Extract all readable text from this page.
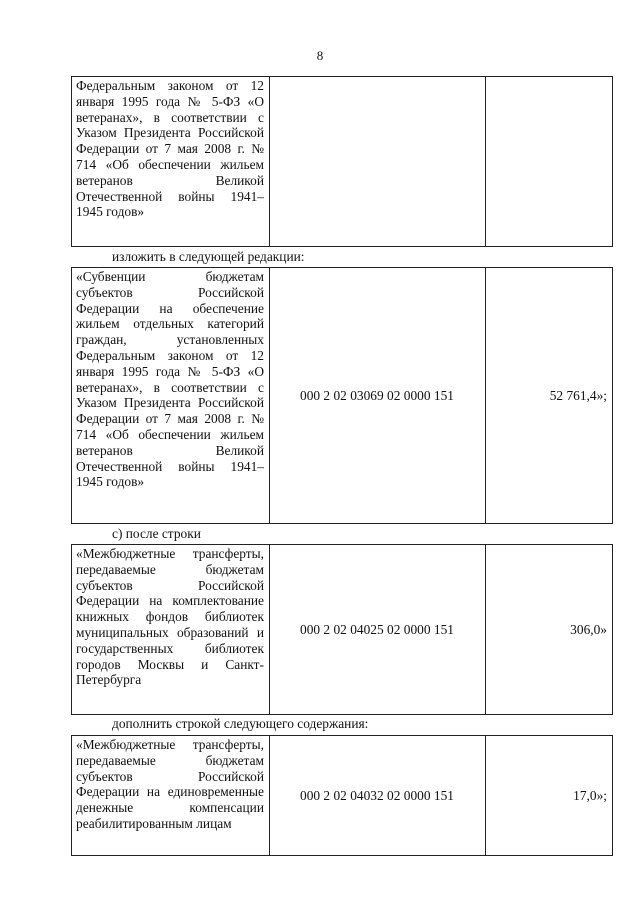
8
Федеральным законом от 12 января 1995 года № 5-ФЗ «О ветеранах», в соответствии с Указом Президента Российской Федерации от 7 мая 2008 г. № 714 «Об обеспечении жильем ветеранов Великой Отечественной войны 1941–1945 годов»		
изложить в следующей редакции:
«Субвенции бюджетам субъектов Российской Федерации на обеспечение жильем отдельных категорий граждан, установленных Федеральным законом от 12 января 1995 года № 5-ФЗ «О ветеранах», в соответствии с Указом Президента Российской Федерации от 7 мая 2008 г. № 714 «Об обеспечении жильем ветеранов Великой Отечественной войны 1941–1945 годов»	000 2 02 03069 02 0000 151	52 761,4»;
с) после строки
«Межбюджетные трансферты, передаваемые бюджетам субъектов Российской Федерации на комплектование книжных фондов библиотек муниципальных образований и государственных библиотек городов Москвы и Санкт-Петербурга	000 2 02 04025 02 0000 151	306,0»
дополнить строкой следующего содержания:
«Межбюджетные трансферты, передаваемые бюджетам субъектов Российской Федерации на единовременные денежные компенсации реабилитированным лицам	000 2 02 04032 02 0000 151	17,0»;
